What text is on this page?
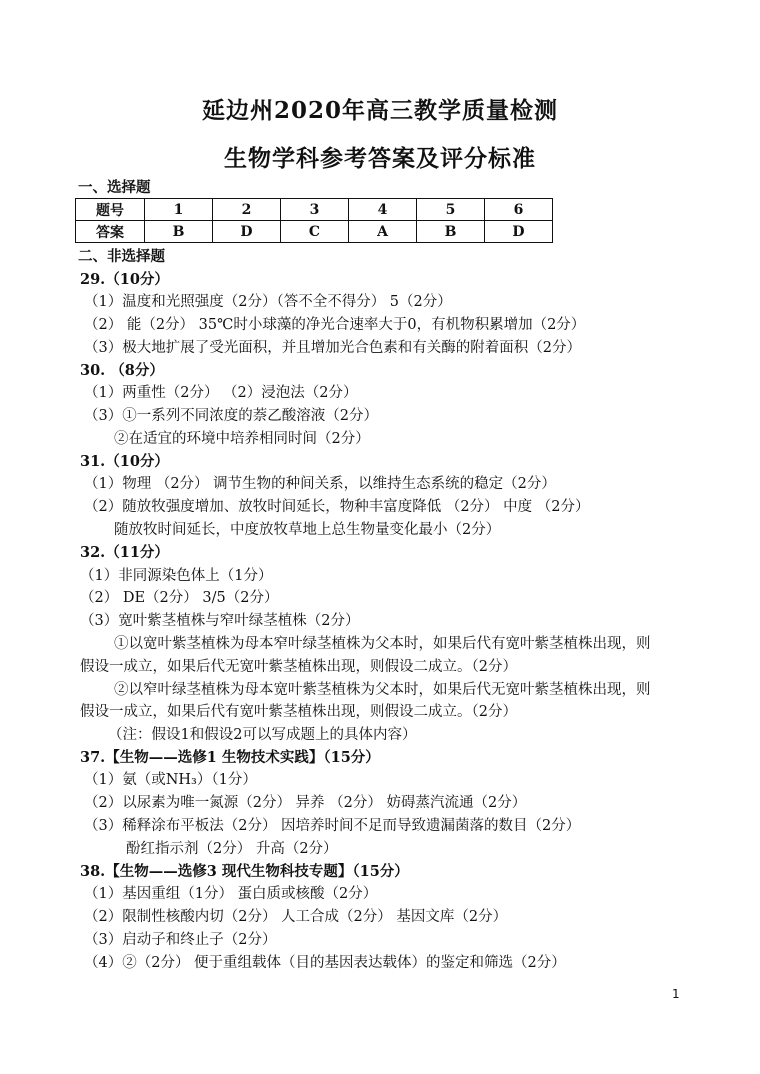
延边州2020年高三教学质量检测
生物学科参考答案及评分标准
一、选择题
题号	1	2	3	4	5	6
答案	B	D	C	A	B	D
二、非选择题
29.（10分）
（1）温度和光照强度（2分）（答不全不得分） 5（2分）
（2） 能（2分） 35℃时小球藻的净光合速率大于0，有机物积累增加（2分）
（3）极大地扩展了受光面积，并且增加光合色素和有关酶的附着面积（2分）
30. （8分）
（1）两重性（2分） （2）浸泡法（2分）
（3）①一系列不同浓度的萘乙酸溶液（2分）
②在适宜的环境中培养相同时间（2分）
31.（10分）
（1）物理 （2分） 调节生物的种间关系，以维持生态系统的稳定（2分）
（2）随放牧强度增加、放牧时间延长，物种丰富度降低 （2分） 中度 （2分）
随放牧时间延长，中度放牧草地上总生物量变化最小（2分）
32.（11分）
（1）非同源染色体上（1分）
（2） DE（2分） 3/5（2分）
（3）宽叶紫茎植株与窄叶绿茎植株（2分）
①以宽叶紫茎植株为母本窄叶绿茎植株为父本时，如果后代有宽叶紫茎植株出现，则
假设一成立，如果后代无宽叶紫茎植株出现，则假设二成立。（2分）
②以窄叶绿茎植株为母本宽叶紫茎植株为父本时，如果后代无宽叶紫茎植株出现，则
假设一成立，如果后代有宽叶紫茎植株出现，则假设二成立。（2分）
（注：假设1和假设2可以写成题上的具体内容）
37.【生物——选修1 生物技术实践】（15分）
（1）氨（或NH₃）（1分）
（2）以尿素为唯一氮源（2分） 异养 （2分） 妨碍蒸汽流通（2分）
（3）稀释涂布平板法（2分） 因培养时间不足而导致遗漏菌落的数目（2分）
酚红指示剂（2分） 升高（2分）
38.【生物——选修3 现代生物科技专题】（15分）
（1）基因重组（1分） 蛋白质或核酸（2分）
（2）限制性核酸内切（2分） 人工合成（2分） 基因文库（2分）
（3）启动子和终止子（2分）
（4）②（2分） 便于重组载体（目的基因表达载体）的鉴定和筛选（2分）
1
